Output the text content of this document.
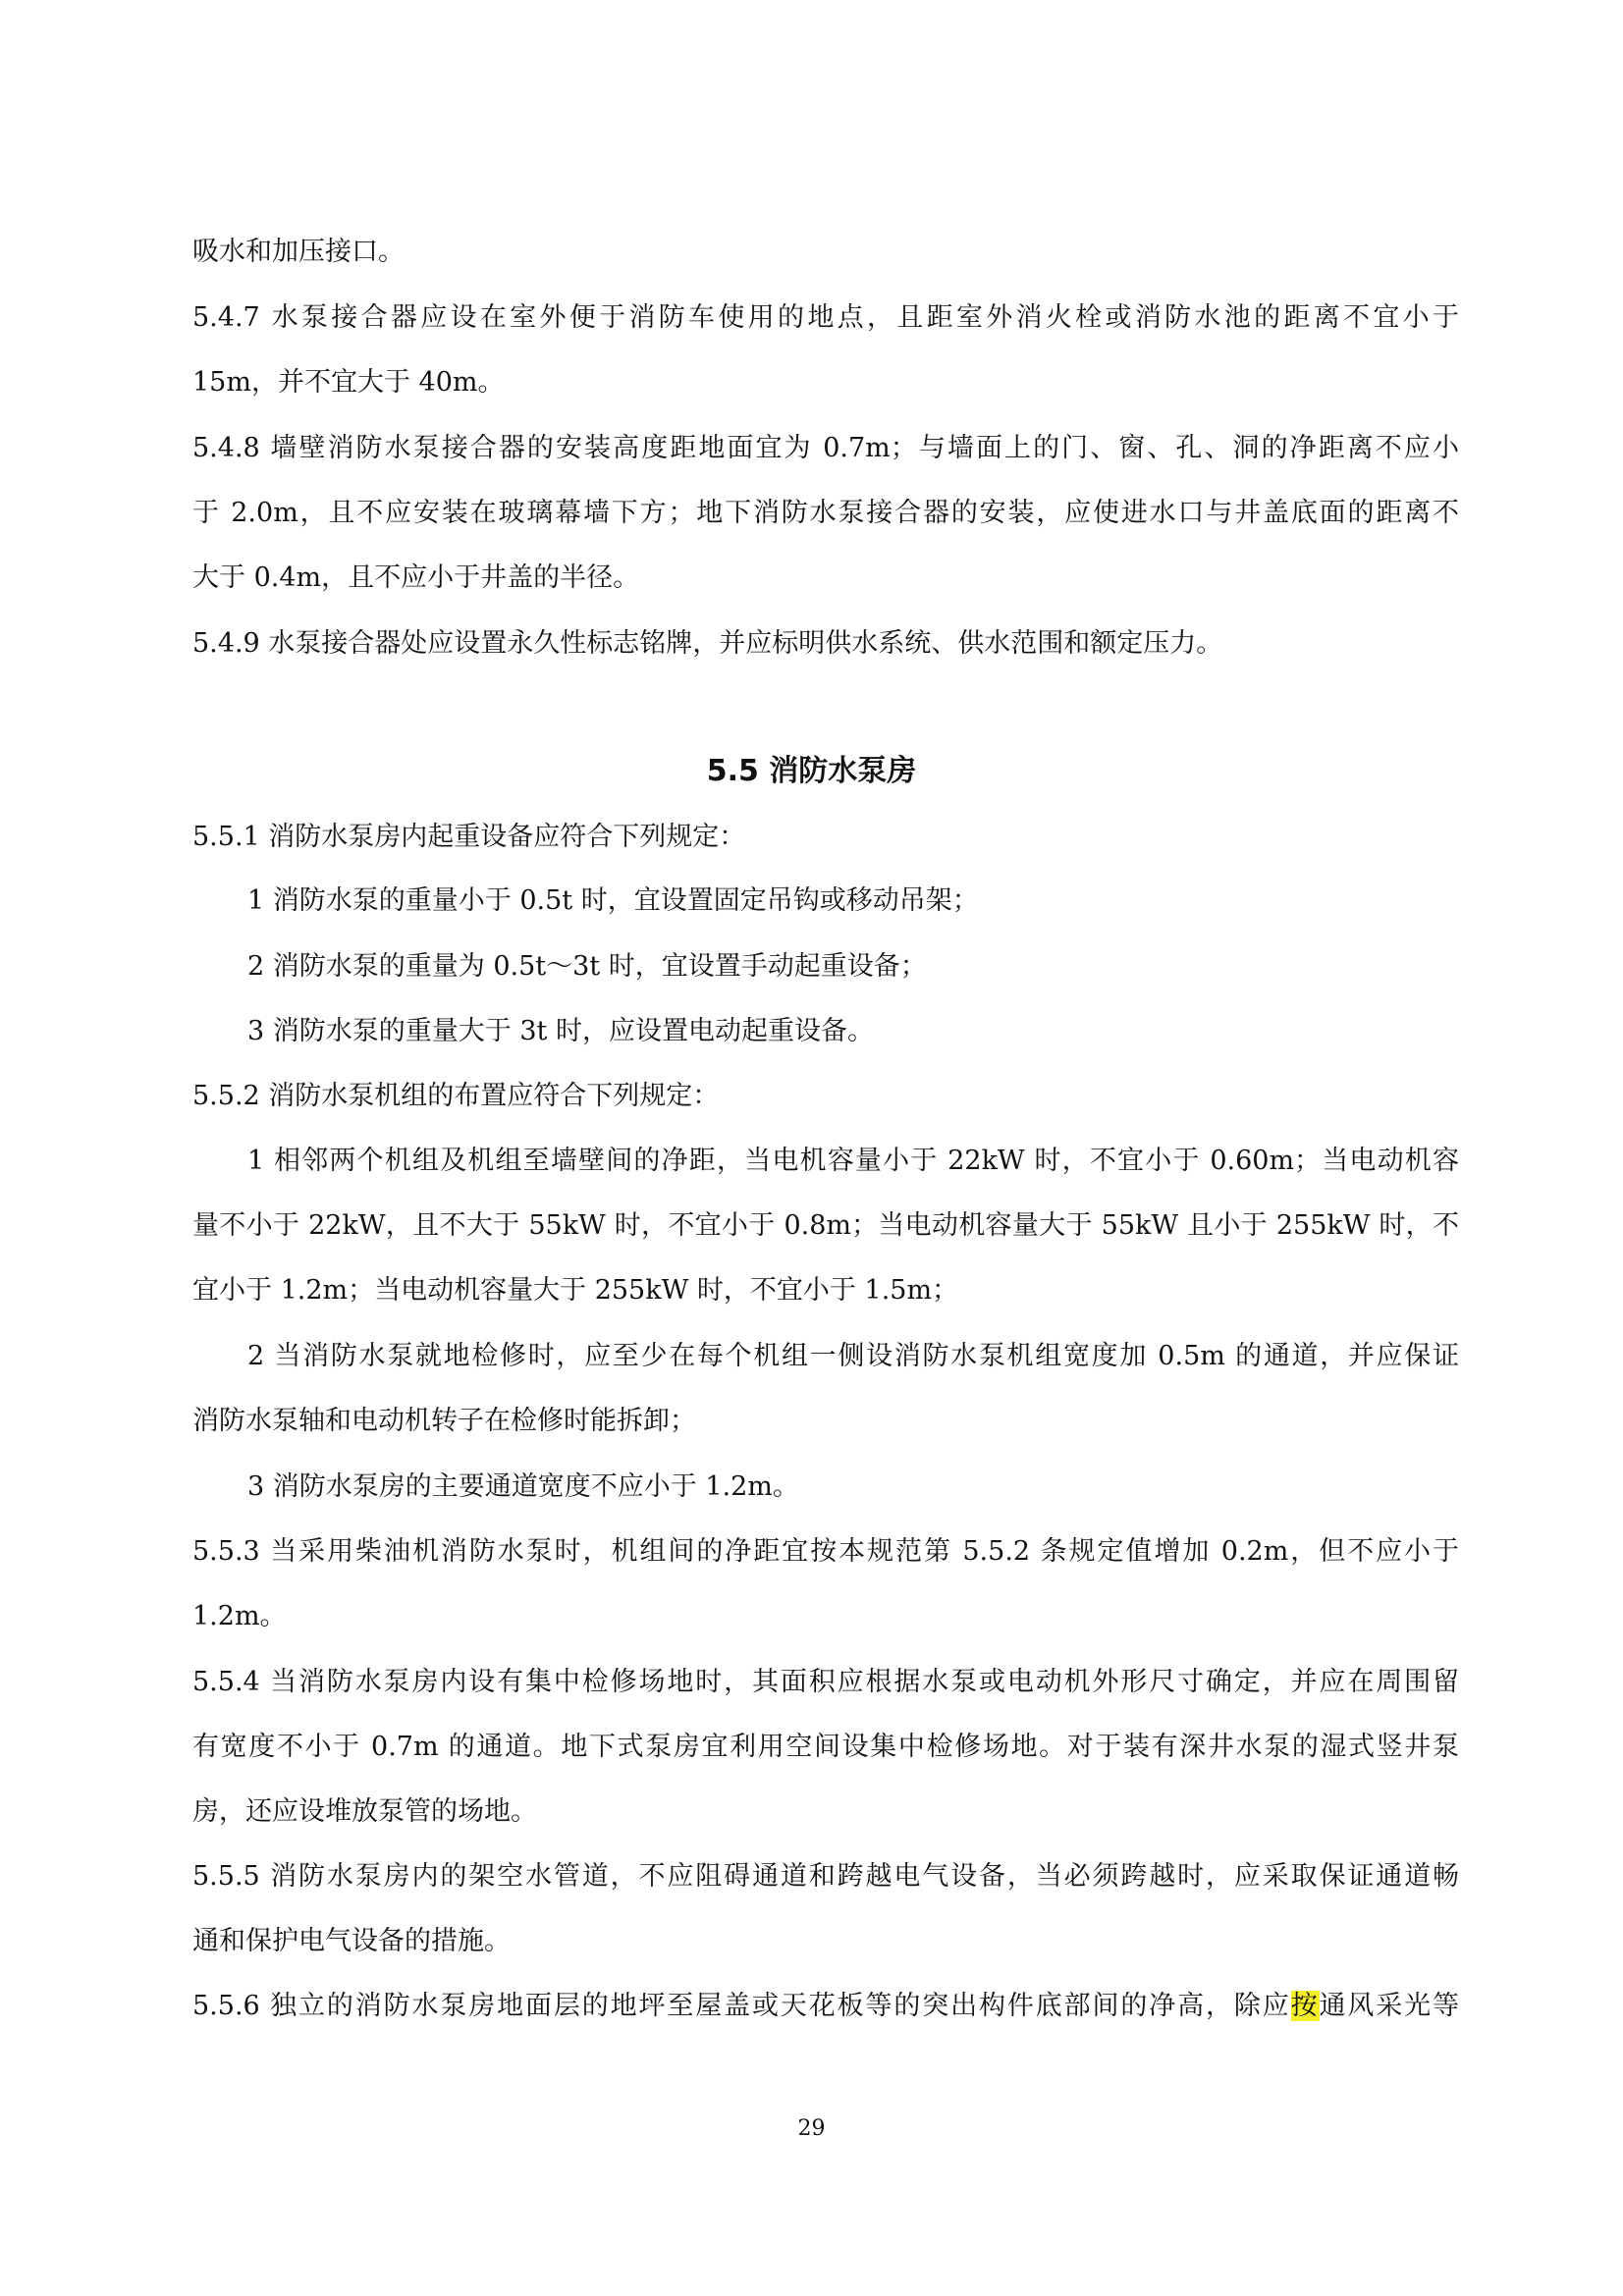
吸水和加压接口。
5.4.7 水泵接合器应设在室外便于消防车使用的地点，且距室外消火栓或消防水池的距离不宜小于
15m，并不宜大于 40m。
5.4.8 墙壁消防水泵接合器的安装高度距地面宜为 0.7m；与墙面上的门、窗、孔、洞的净距离不应小
于 2.0m，且不应安装在玻璃幕墙下方；地下消防水泵接合器的安装，应使进水口与井盖底面的距离不
大于 0.4m，且不应小于井盖的半径。
5.4.9 水泵接合器处应设置永久性标志铭牌，并应标明供水系统、供水范围和额定压力。
5.5 消防水泵房
5.5.1 消防水泵房内起重设备应符合下列规定：
1 消防水泵的重量小于 0.5t 时，宜设置固定吊钩或移动吊架；
2 消防水泵的重量为 0.5t～3t 时，宜设置手动起重设备；
3 消防水泵的重量大于 3t 时，应设置电动起重设备。
5.5.2 消防水泵机组的布置应符合下列规定：
1 相邻两个机组及机组至墙壁间的净距，当电机容量小于 22kW 时，不宜小于 0.60m；当电动机容
量不小于 22kW，且不大于 55kW 时，不宜小于 0.8m；当电动机容量大于 55kW 且小于 255kW 时，不
宜小于 1.2m；当电动机容量大于 255kW 时，不宜小于 1.5m；
2 当消防水泵就地检修时，应至少在每个机组一侧设消防水泵机组宽度加 0.5m 的通道，并应保证
消防水泵轴和电动机转子在检修时能拆卸；
3 消防水泵房的主要通道宽度不应小于 1.2m。
5.5.3 当采用柴油机消防水泵时，机组间的净距宜按本规范第 5.5.2 条规定值增加 0.2m，但不应小于
1.2m。
5.5.4 当消防水泵房内设有集中检修场地时，其面积应根据水泵或电动机外形尺寸确定，并应在周围留
有宽度不小于 0.7m 的通道。地下式泵房宜利用空间设集中检修场地。对于装有深井水泵的湿式竖井泵
房，还应设堆放泵管的场地。
5.5.5 消防水泵房内的架空水管道，不应阻碍通道和跨越电气设备，当必须跨越时，应采取保证通道畅
通和保护电气设备的措施。
5.5.6 独立的消防水泵房地面层的地坪至屋盖或天花板等的突出构件底部间的净高，除应按通风采光等
29
